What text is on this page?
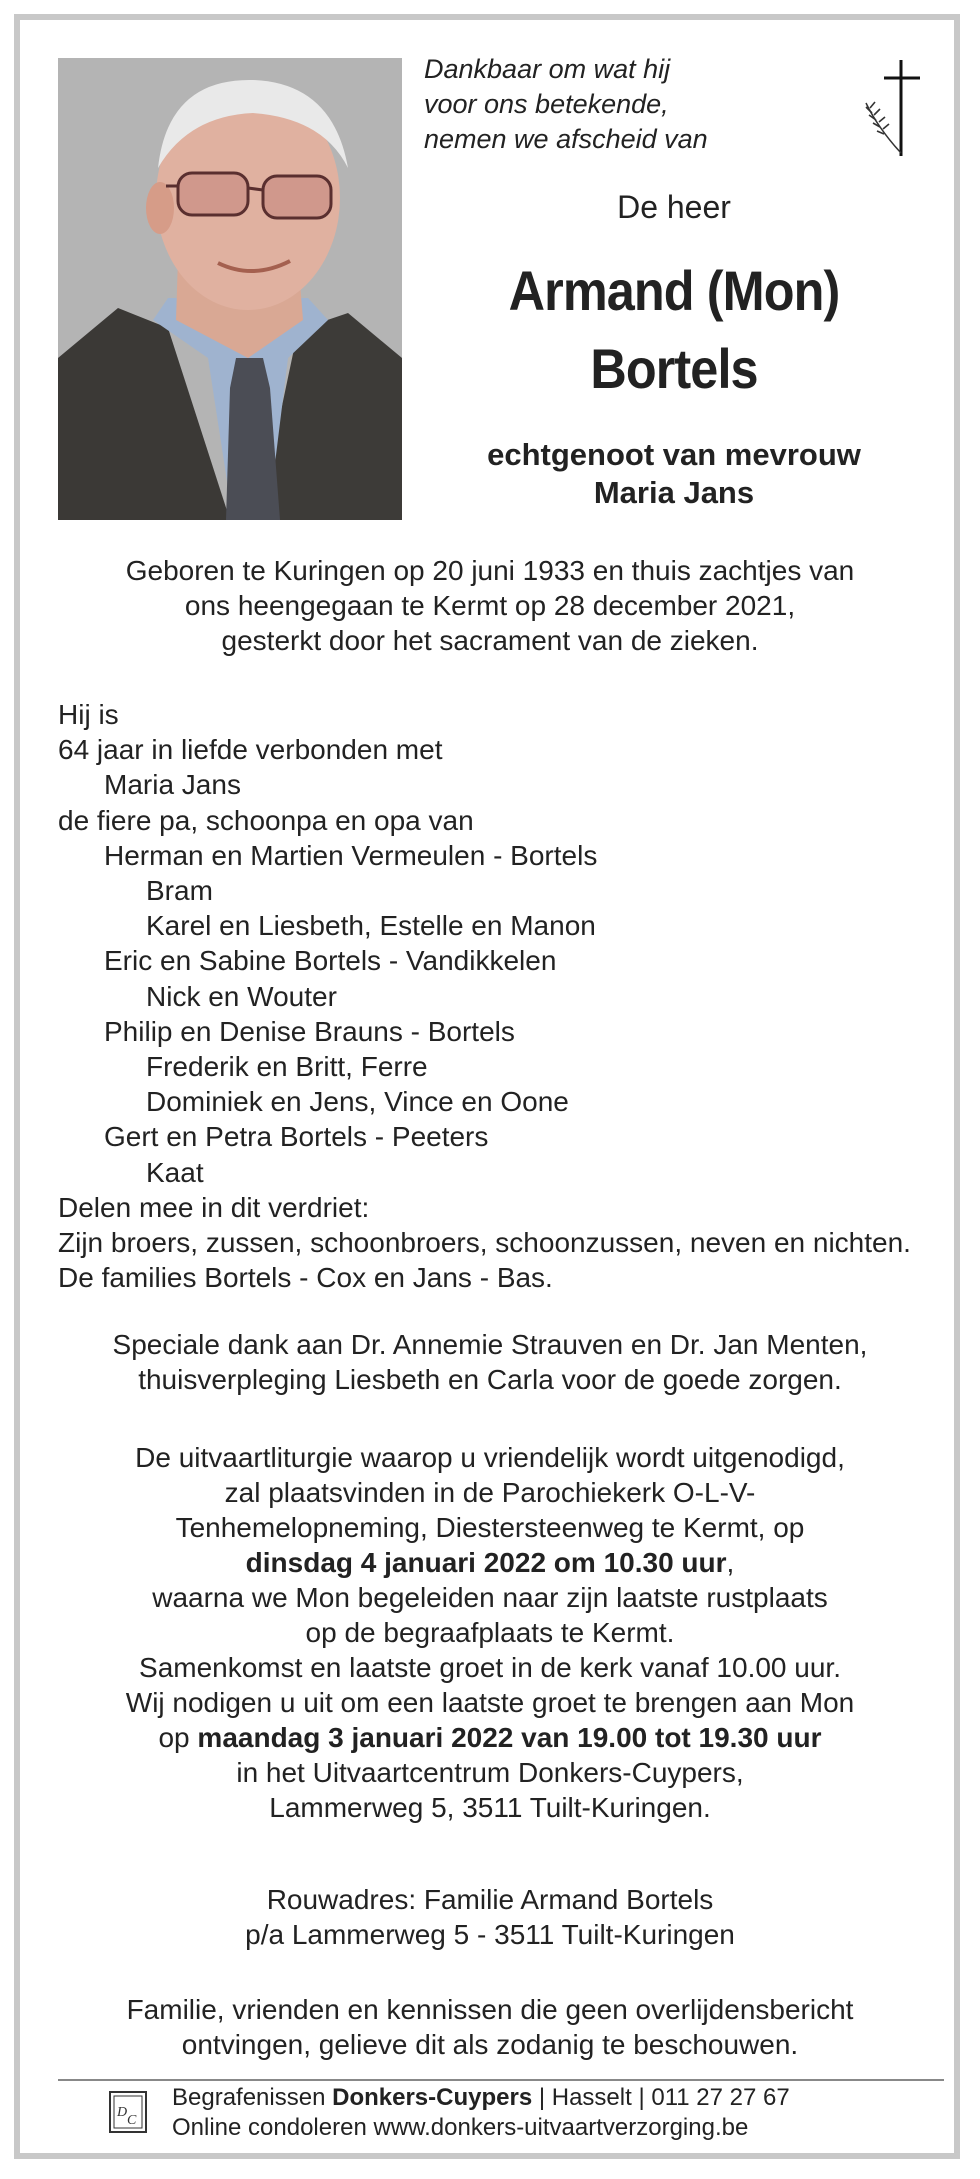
Dankbaar om wat hij
voor ons betekende,
nemen we afscheid van
De heer
Armand (Mon)
Bortels
echtgenoot van mevrouw
Maria Jans
Geboren te Kuringen op 20 juni 1933 en thuis zachtjes van
ons heengegaan te Kermt op 28 december 2021,
gesterkt door het sacrament van de zieken.
Hij is
64 jaar in liefde verbonden met
Maria Jans
de fiere pa, schoonpa en opa van
Herman en Martien Vermeulen - Bortels
Bram
Karel en Liesbeth, Estelle en Manon
Eric en Sabine Bortels - Vandikkelen
Nick en Wouter
Philip en Denise Brauns - Bortels
Frederik en Britt, Ferre
Dominiek en Jens, Vince en Oone
Gert en Petra Bortels - Peeters
Kaat
Delen mee in dit verdriet:
Zijn broers, zussen, schoonbroers, schoonzussen, neven en nichten.
De families Bortels - Cox en Jans - Bas.
Speciale dank aan Dr. Annemie Strauven en Dr. Jan Menten,
thuisverpleging Liesbeth en Carla voor de goede zorgen.
De uitvaartliturgie waarop u vriendelijk wordt uitgenodigd,
zal plaatsvinden in de Parochiekerk O-L-V-
Tenhemelopneming, Diestersteenweg te Kermt, op
dinsdag 4 januari 2022 om 10.30 uur,
waarna we Mon begeleiden naar zijn laatste rustplaats
op de begraafplaats te Kermt.
Samenkomst en laatste groet in de kerk vanaf 10.00 uur.
Wij nodigen u uit om een laatste groet te brengen aan Mon
op maandag 3 januari 2022 van 19.00 tot 19.30 uur
in het Uitvaartcentrum Donkers-Cuypers,
Lammerweg 5, 3511 Tuilt-Kuringen.
Rouwadres: Familie Armand Bortels
p/a Lammerweg 5 - 3511 Tuilt-Kuringen
Familie, vrienden en kennissen die geen overlijdensbericht
ontvingen, gelieve dit als zodanig te beschouwen.
D
C
Begrafenissen Donkers-Cuypers | Hasselt | 011 27 27 67
Online condoleren www.donkers-uitvaartverzorging.be
